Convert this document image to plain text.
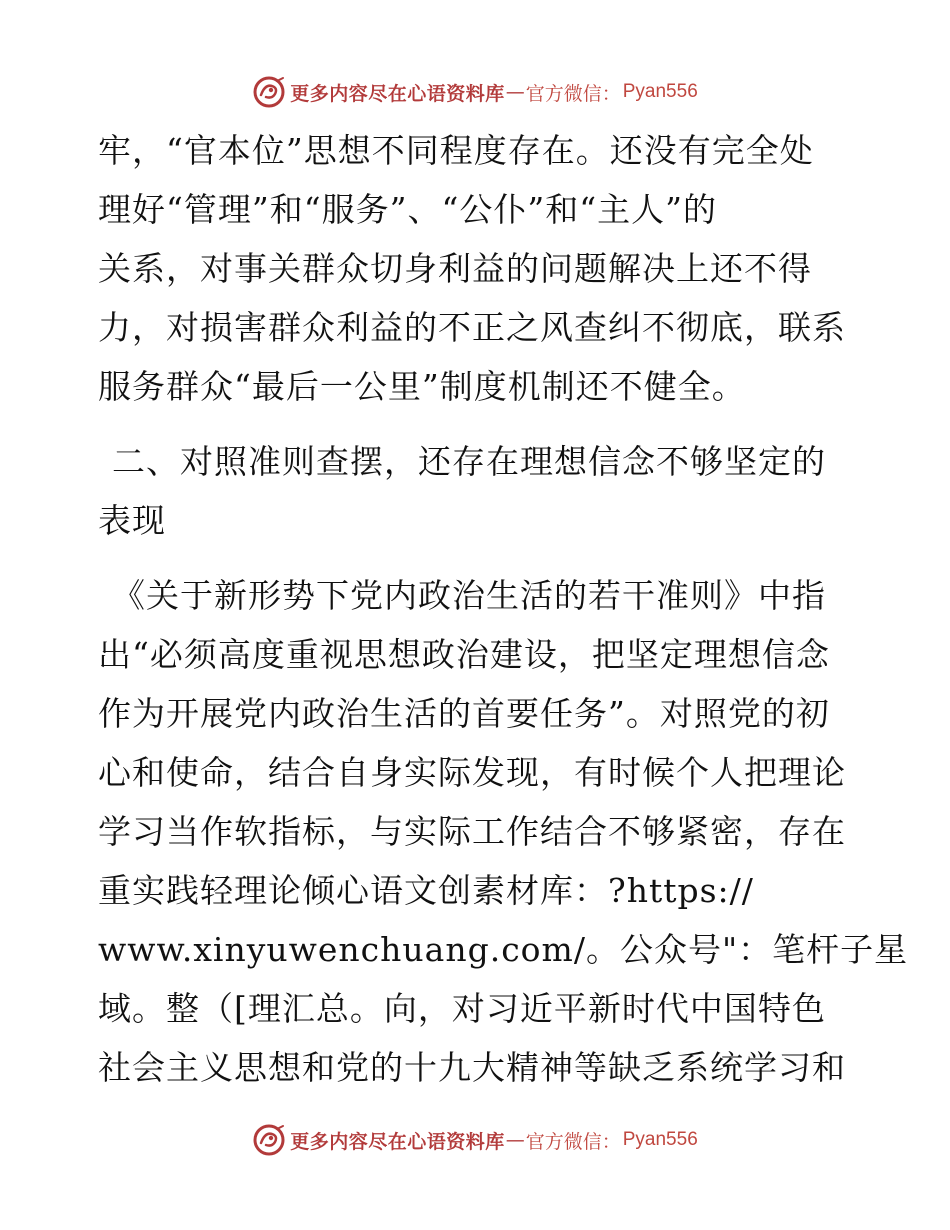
更多内容尽在心语资料库 — 官方微信： Pyan556
牢，“官本位”思想不同程度存在。还没有完全处
理好“管理”和“服务”、“公仆”和“主人”的
关系，对事关群众切身利益的问题解决上还不得
力，对损害群众利益的不正之风查纠不彻底，联系
服务群众“最后一公里”制度机制还不健全。
二、对照准则查摆，还存在理想信念不够坚定的
表现
《关于新形势下党内政治生活的若干准则》中指
出“必须高度重视思想政治建设，把坚定理想信念
作为开展党内政治生活的首要任务”。对照党的初
心和使命，结合自身实际发现，有时候个人把理论
学习当作软指标，与实际工作结合不够紧密，存在
重实践轻理论倾心语文创素材库：?https://
www.xinyuwenchuang.com/。公众号"：笔杆子星
域。整（[理汇总。向，对习近平新时代中国特色
社会主义思想和党的十九大精神等缺乏系统学习和
更多内容尽在心语资料库 — 官方微信： Pyan556
